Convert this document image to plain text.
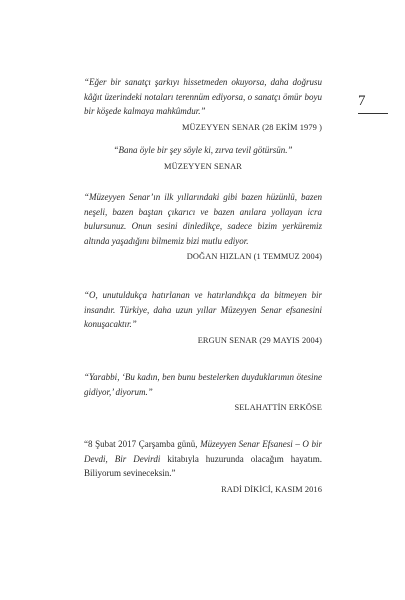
7

“Eğer bir sanatçı şarkıyı hissetmeden okuyorsa, daha doğrusu kâğıt üzerindeki notaları terennüm ediyorsa, o sanatçı ömür boyu bir köşede kalmaya mahkûmdur.”

MÜZEYYEN SENAR (28 EKİM 1979 )

“Bana öyle bir şey söyle ki, zırva tevil götürsün.”

MÜZEYYEN SENAR

“Müzeyyen Senar’ın ilk yıllarındaki gibi bazen hüzünlü, bazen neşeli, bazen baştan çıkarıcı ve bazen anılara yollayan icra bulursunuz. Onun sesini dinledikçe, sadece bizim yerküremiz altında yaşadığını bilmemiz bizi mutlu ediyor.

DOĞAN HIZLAN (1 TEMMUZ 2004)

“O, unutuldukça hatırlanan ve hatırlandıkça da bitmeyen bir insandır. Türkiye, daha uzun yıllar Müzeyyen Senar efsanesini konuşacaktır.”

ERGUN SENAR (29 MAYIS 2004)

“Yarabbi, ‘Bu kadın, ben bunu bestelerken duyduklarımın ötesine gidiyor,’ diyorum.”

SELAHATTİN ERKÖSE

“8 Şubat 2017 Çarşamba günü, Müzeyyen Senar Efsanesi – O bir Devdi, Bir Devirdi kitabıyla huzurunda olacağım hayatım. Biliyorum sevineceksin.”

RADİ DİKİCİ, KASIM 2016
